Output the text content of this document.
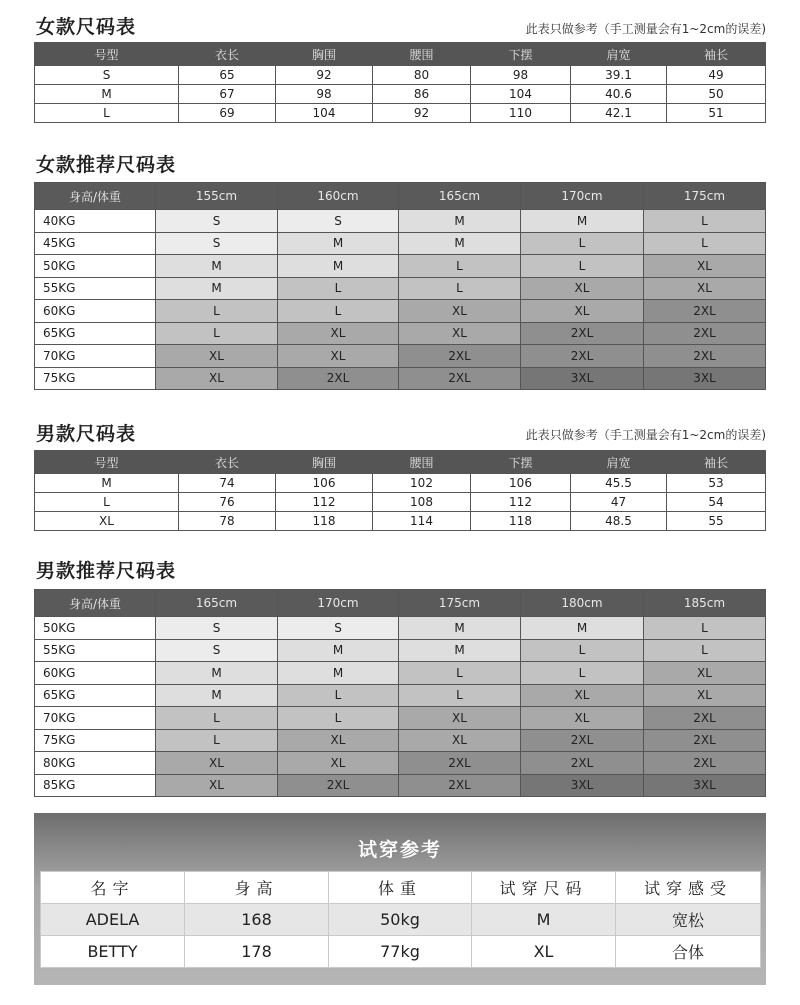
女款尺码表	此表只做参考（手工测量会有1~2cm的误差)
号型	衣长	胸围	腰围	下摆	肩宽	袖长
S	65	92	80	98	39.1	49
M	67	98	86	104	40.6	50
L	69	104	92	110	42.1	51
女款推荐尺码表
身高/体重	155cm	160cm	165cm	170cm	175cm
40KG	S	S	M	M	L
45KG	S	M	M	L	L
50KG	M	M	L	L	XL
55KG	M	L	L	XL	XL
60KG	L	L	XL	XL	2XL
65KG	L	XL	XL	2XL	2XL
70KG	XL	XL	2XL	2XL	2XL
75KG	XL	2XL	2XL	3XL	3XL
男款尺码表	此表只做参考（手工测量会有1~2cm的误差)
号型	衣长	胸围	腰围	下摆	肩宽	袖长
M	74	106	102	106	45.5	53
L	76	112	108	112	47	54
XL	78	118	114	118	48.5	55
男款推荐尺码表
身高/体重	165cm	170cm	175cm	180cm	185cm
50KG	S	S	M	M	L
55KG	S	M	M	L	L
60KG	M	M	L	L	XL
65KG	M	L	L	XL	XL
70KG	L	L	XL	XL	2XL
75KG	L	XL	XL	2XL	2XL
80KG	XL	XL	2XL	2XL	2XL
85KG	XL	2XL	2XL	3XL	3XL
试穿参考
名字	身高	体重	试穿尺码	试穿感受
ADELA	168	50kg	M	宽松
BETTY	178	77kg	XL	合体
